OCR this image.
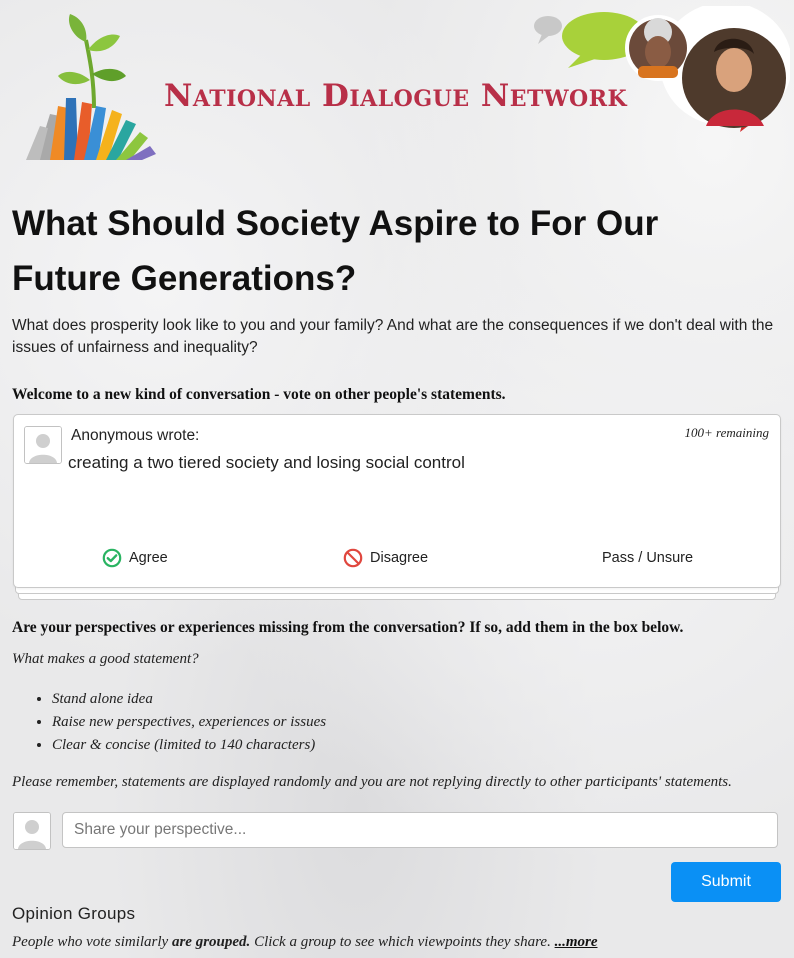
National Dialogue Network
What Should Society Aspire to For Our Future Generations?

What does prosperity look like to you and your family? And what are the consequences if we don't deal with the issues of unfairness and inequality?

Welcome to a new kind of conversation - vote on other people's statements.

Anonymous wrote:	100+ remaining
creating a two tiered society and losing social control
Agree	Disagree	Pass / Unsure

Are your perspectives or experiences missing from the conversation? If so, add them in the box below.

What makes a good statement?

• Stand alone idea
• Raise new perspectives, experiences or issues
• Clear & concise (limited to 140 characters)

Please remember, statements are displayed randomly and you are not replying directly to other participants' statements.

Share your perspective...
Submit
Opinion Groups

People who vote similarly are grouped. Click a group to see which viewpoints they share. ...more
